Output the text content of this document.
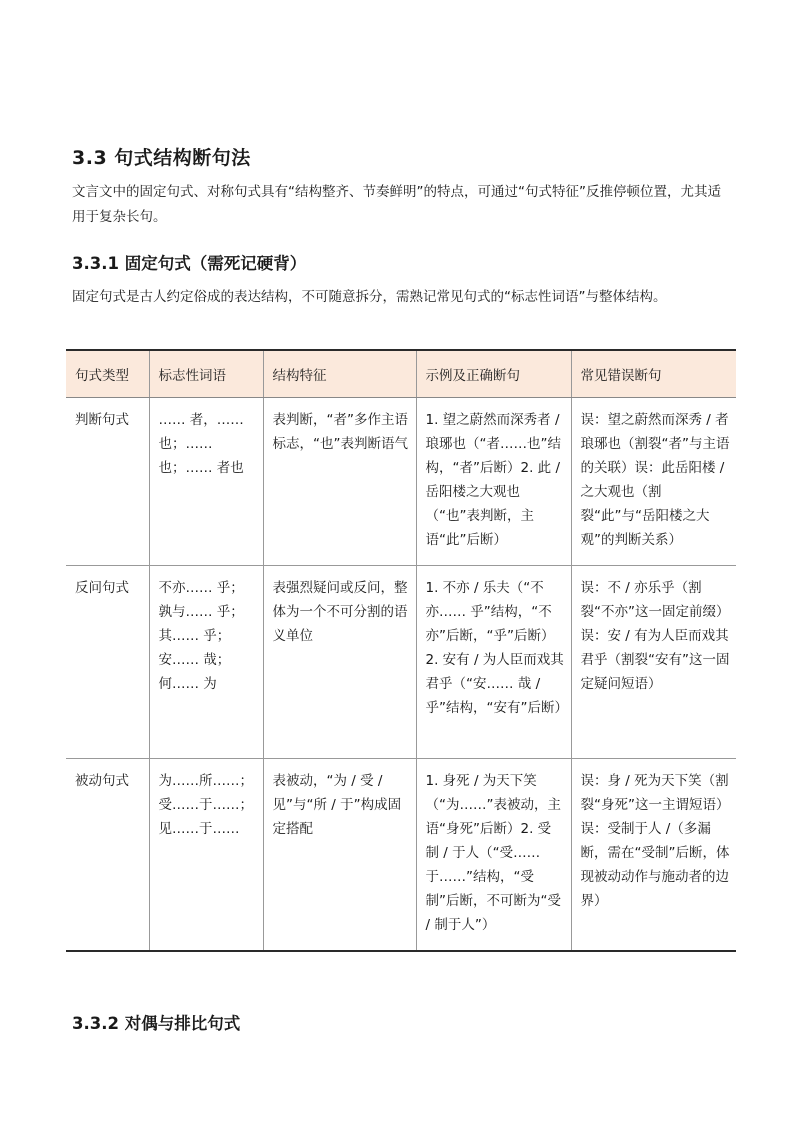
3.3 句式结构断句法

文言文中的固定句式、对称句式具有“结构整齐、节奏鲜明”的特点，可通过“句式特征”反推停顿位置，尤其适用于复杂长句。

3.3.1 固定句式（需死记硬背）

固定句式是古人约定俗成的表达结构，不可随意拆分，需熟记常见句式的“标志性词语”与整体结构。

句式类型	标志性词语	结构特征	示例及正确断句	常见错误断句
判断句式	…… 者，…… 也；…… 也；…… 者也	表判断，“者”多作主语标志，“也”表判断语气	1. 望之蔚然而深秀者 / 琅琊也（“者……也”结构，“者”后断）2. 此 / 岳阳楼之大观也（“也”表判断，主语“此”后断）	误：望之蔚然而深秀 / 者琅琊也（割裂“者”与主语的关联）误：此岳阳楼 / 之大观也（割裂“此”与“岳阳楼之大观”的判断关系）
反问句式	不亦…… 乎；孰与…… 乎；其…… 乎；安…… 哉；何…… 为	表强烈疑问或反问，整体为一个不可分割的语义单位	1. 不亦 / 乐夫（“不亦…… 乎”结构，“不亦”后断，“乎”后断）2. 安有 / 为人臣而戏其君乎（“安…… 哉 / 乎”结构，“安有”后断）	误：不 / 亦乐乎（割裂“不亦”这一固定前缀）误：安 / 有为人臣而戏其君乎（割裂“安有”这一固定疑问短语）
被动句式	为……所……；受……于……；见……于……	表被动，“为 / 受 / 见”与“所 / 于”构成固定搭配	1. 身死 / 为天下笑（“为……”表被动，主语“身死”后断）2. 受制 / 于人（“受……于……”结构，“受制”后断，不可断为“受 / 制于人”）	误：身 / 死为天下笑（割裂“身死”这一主谓短语）误：受制于人 /（多漏断，需在“受制”后断，体现被动动作与施动者的边界）
3.3.2 对偶与排比句式
